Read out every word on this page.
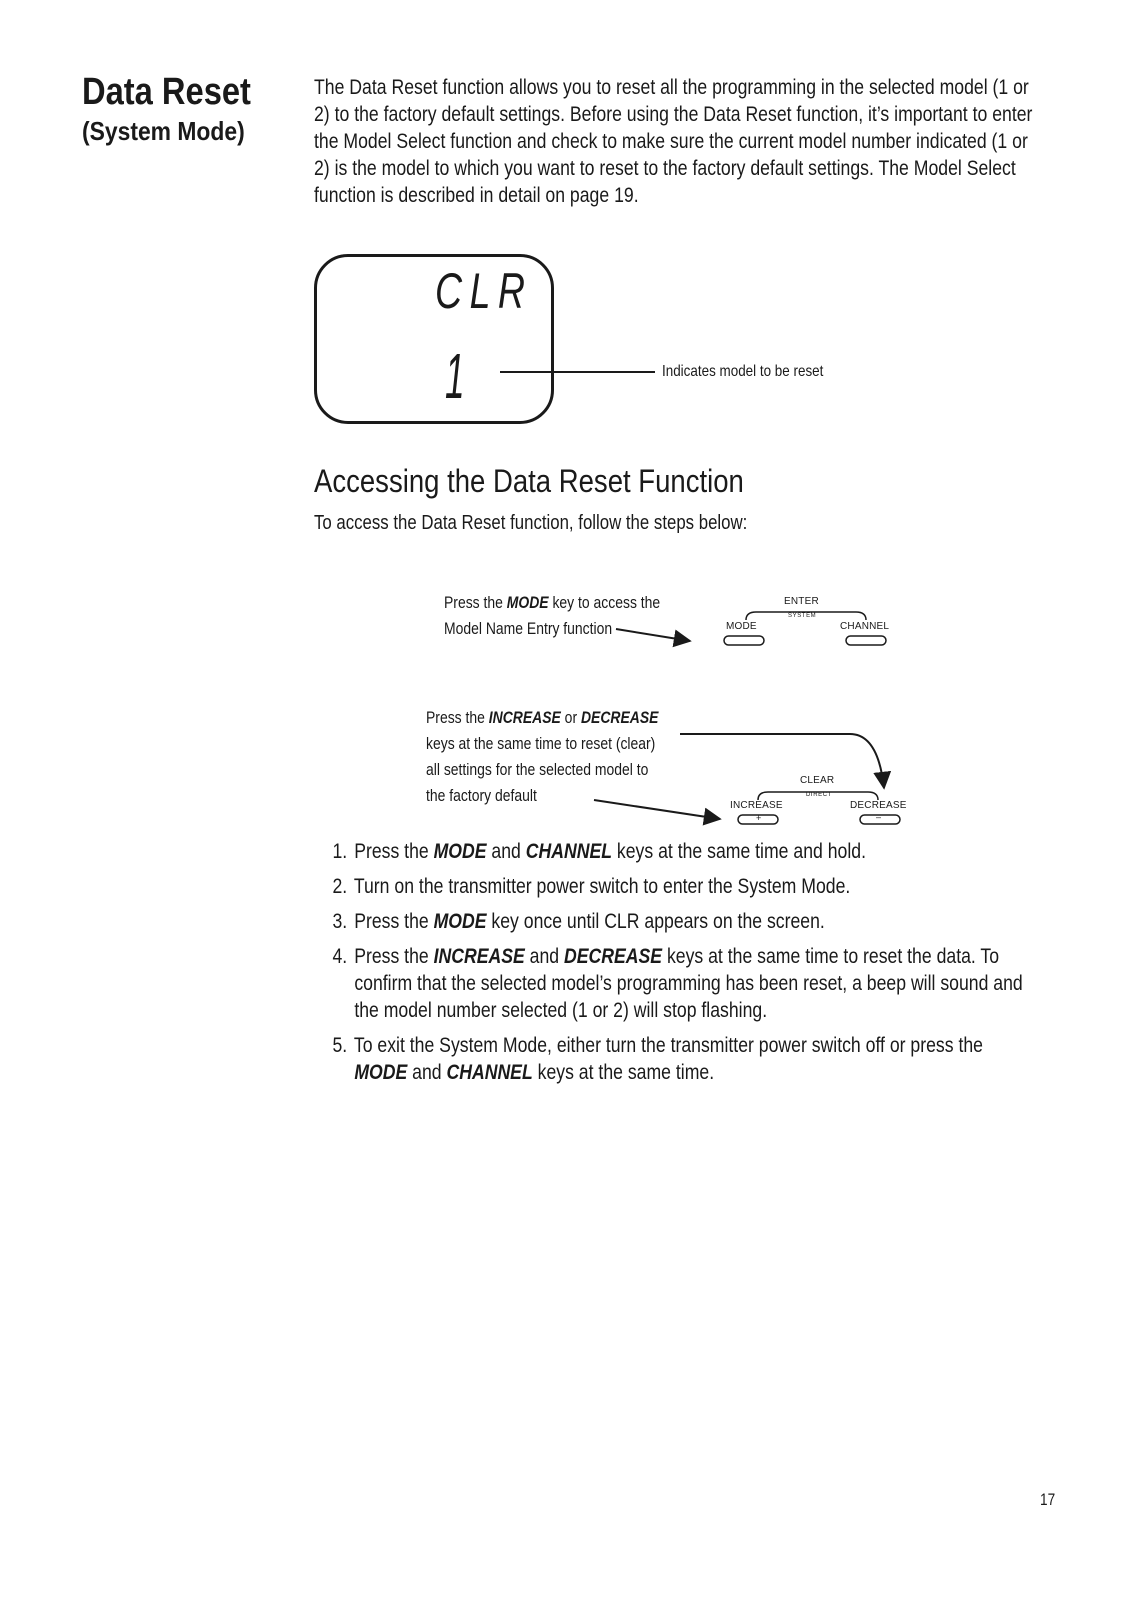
Data Reset
(System Mode)
The Data Reset function allows you to reset all the programming in the selected model (1 or
2) to the factory default settings. Before using the Data Reset function, it’s important to enter
the Model Select function and check to make sure the current model number indicated (1 or
2) is the model to which you want to reset to the factory default settings. The Model Select
function is described in detail on page 19.
CLR
1	Indicates model to be reset
Accessing the Data Reset Function
To access the Data Reset function, follow the steps below:
Press the MODE key to access the
Model Name Entry function
ENTER
SYSTEM
MODE	CHANNEL
Press the INCREASE or DECREASE
keys at the same time to reset (clear)
all settings for the selected model to
the factory default
CLEAR
DIRECT
INCREASE	DECREASE
+	–
1. Press the MODE and CHANNEL keys at the same time and hold.
2. Turn on the transmitter power switch to enter the System Mode.
3. Press the MODE key once until CLR appears on the screen.
4. Press the INCREASE and DECREASE keys at the same time to reset the data. To
confirm that the selected model’s programming has been reset, a beep will sound and
the model number selected (1 or 2) will stop flashing.
5. To exit the System Mode, either turn the transmitter power switch off or press the
MODE and CHANNEL keys at the same time.
17
